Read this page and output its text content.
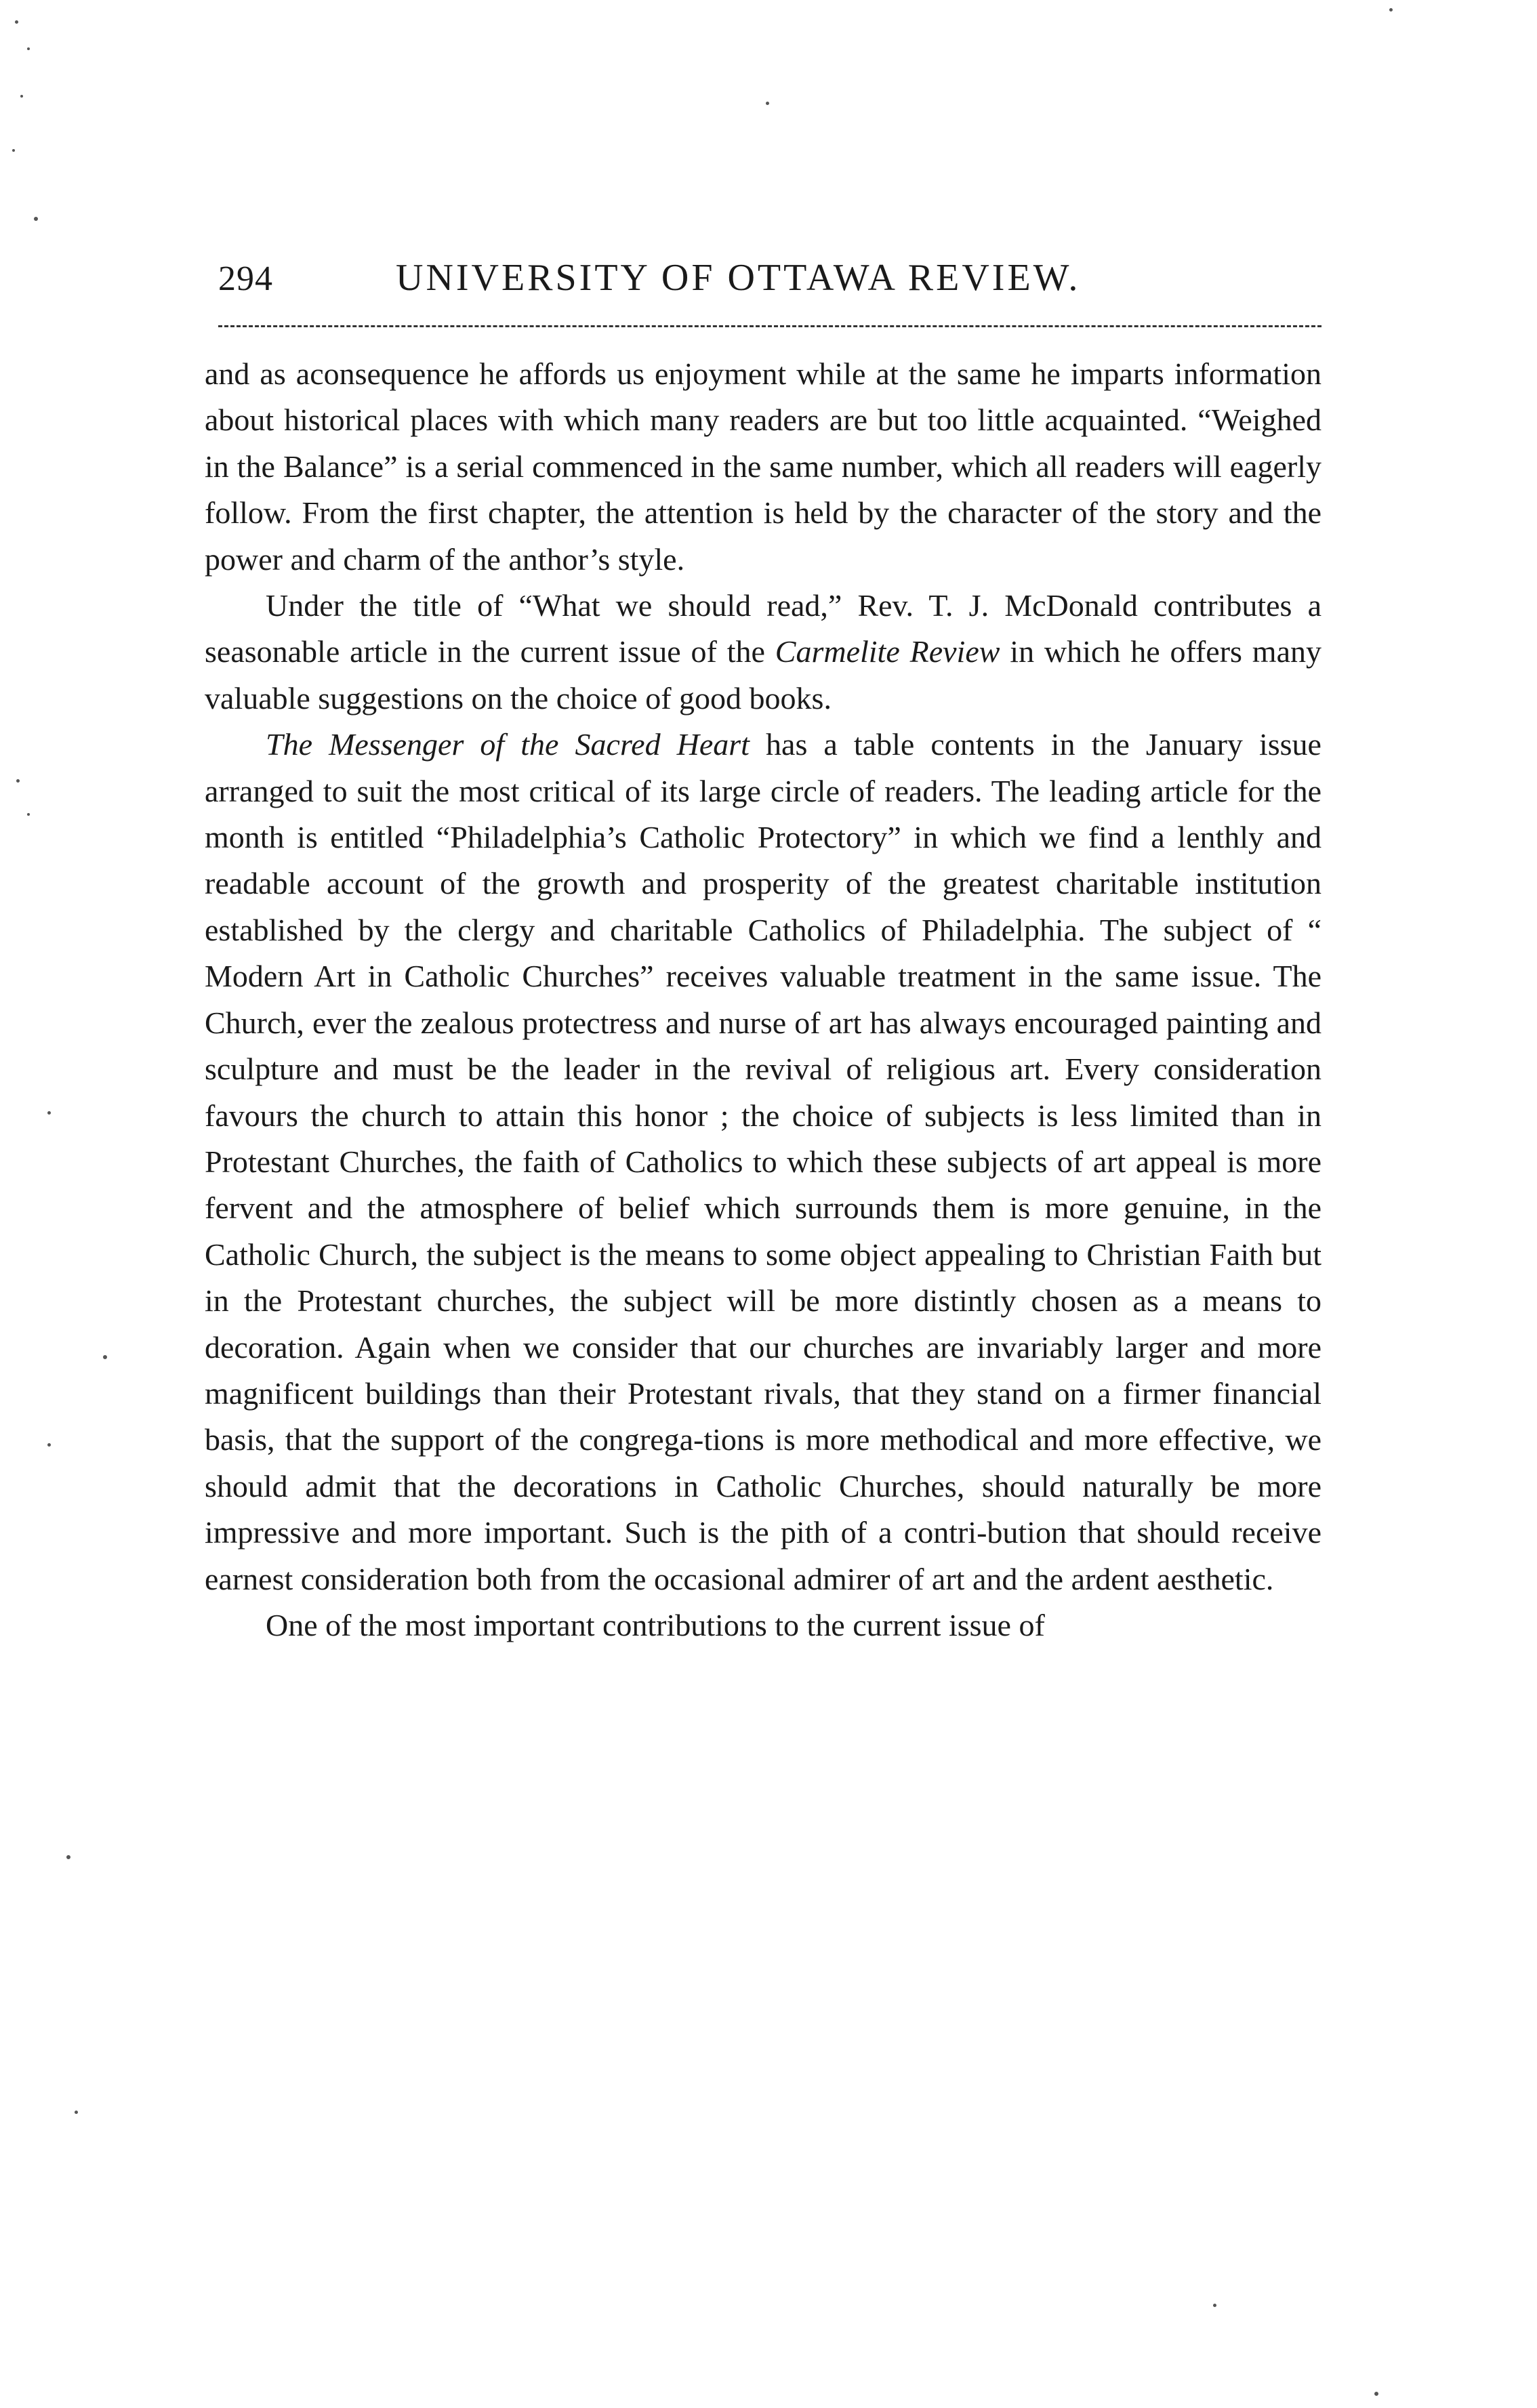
294	UNIVERSITY OF OTTAWA REVIEW.

and as aconsequence he affords us enjoyment while at the same he imparts information about historical places with which many readers are but too little acquainted. “Weighed in the Balance” is a serial commenced in the same number, which all readers will eagerly follow. From the first chapter, the attention is held by the character of the story and the power and charm of the anthor’s style.

Under the title of “What we should read,” Rev. T. J. McDonald contributes a seasonable article in the current issue of the Carmelite Review in which he offers many valuable suggestions on the choice of good books.

The Messenger of the Sacred Heart has a table contents in the January issue arranged to suit the most critical of its large circle of readers. The leading article for the month is entitled “Philadelphia’s Catholic Protectory” in which we find a lenthly and readable account of the growth and prosperity of the greatest charitable institution established by the clergy and charitable Catholics of Philadelphia. The subject of “ Modern Art in Catholic Churches” receives valuable treatment in the same issue. The Church, ever the zealous protectress and nurse of art has always encouraged painting and sculpture and must be the leader in the revival of religious art. Every consideration favours the church to attain this honor ; the choice of subjects is less limited than in Protestant Churches, the faith of Catholics to which these subjects of art appeal is more fervent and the atmosphere of belief which surrounds them is more genuine, in the Catholic Church, the subject is the means to some object appealing to Christian Faith but in the Protestant churches, the subject will be more distintly chosen as a means to decoration. Again when we consider that our churches are invariably larger and more magnificent buildings than their Protestant rivals, that they stand on a firmer financial basis, that the support of the congrega-tions is more methodical and more effective, we should admit that the decorations in Catholic Churches, should naturally be more impressive and more important. Such is the pith of a contri-bution that should receive earnest consideration both from the occasional admirer of art and the ardent aesthetic.

One of the most important contributions to the current issue of
